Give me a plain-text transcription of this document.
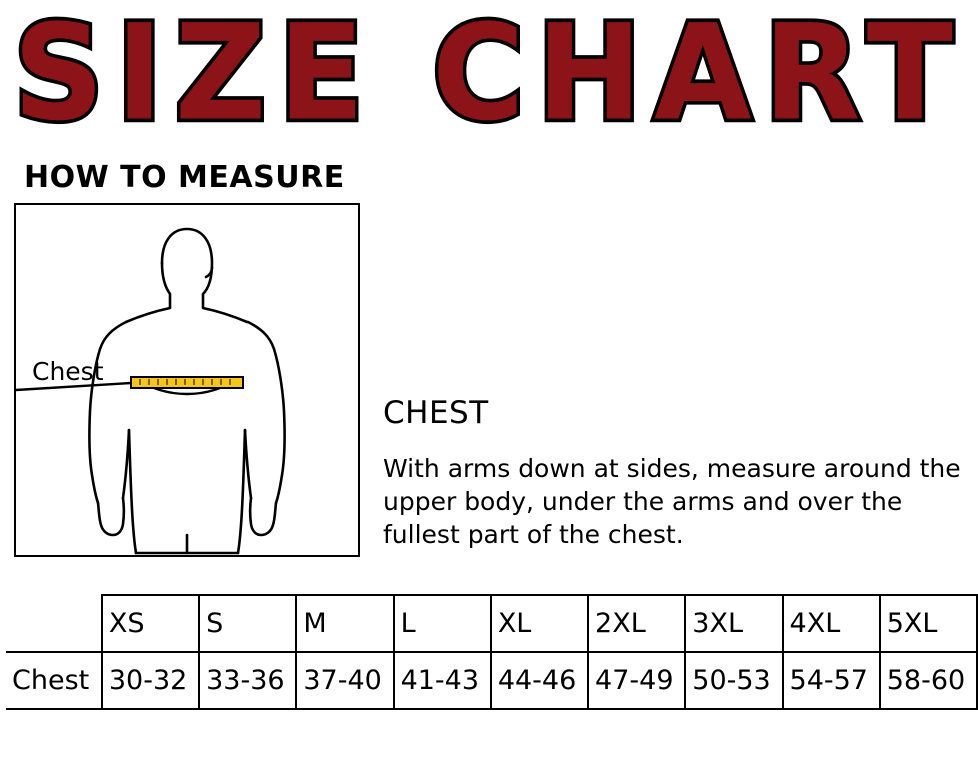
SIZE CHART
HOW TO MEASURE
Chest
CHEST
With arms down at sides, measure around the upper body, under the arms and over the fullest part of the chest.
	XS	S	M	L	XL	2XL	3XL	4XL	5XL
Chest	30-32	33-36	37-40	41-43	44-46	47-49	50-53	54-57	58-60
